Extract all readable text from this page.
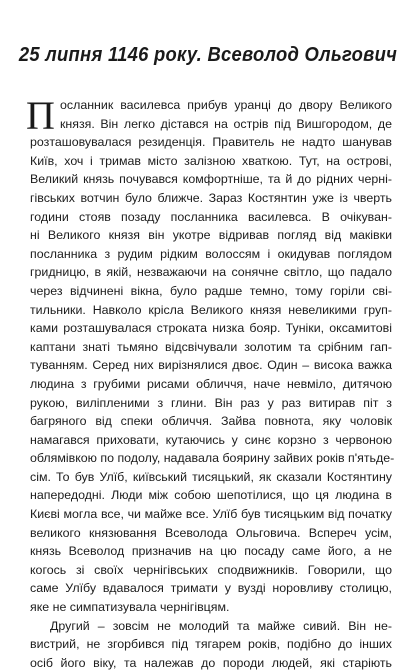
25 липня 1146 року. Всеволод Ольгович
П осланник василевса прибув уранці до двору Великого
князя. Він легко дістався на острів під Вишгородом, де
розташовувалася резиденція. Правитель не надто шанував
Київ, хоч і тримав місто залізною хваткою. Тут, на острові,
Великий князь почувався комфортніше, та й до рідних черні-
гівських вотчин було ближче. Зараз Костянтин уже із чверть
години стояв позаду посланника василевса. В очікуван-
ні Великого князя він укотре відривав погляд від маківки
посланника з рудим рідким волоссям і окидував поглядом
гридницю, в якій, незважаючи на сонячне світло, що падало
через відчинені вікна, було радше темно, тому горіли сві-
тильники. Навколо крісла Великого князя невеликими груп-
ками розташувалася строката низка бояр. Туніки, оксамитові
каптани знаті тьмяно відсвічували золотим та срібним гап-
туванням. Серед них вирізнялися двоє. Один – висока важка
людина з грубими рисами обличчя, наче невміло, дитячою
рукою, виліпленими з глини. Він раз у раз витирав піт з
багряного від спеки обличчя. Зайва повнота, яку чоловік
намагався приховати, кутаючись у синє корзно з червоною
облямівкою по подолу, надавала боярину зайвих років п'ятьде-
сім. То був Улїб, київський тисяцький, як сказали Костянтину
напередодні. Люди між собою шепотілися, що ця людина в
Києві могла все, чи майже все. Улїб був тисяцьким від початку
великого князювання Всеволода Ольговича. Вспереч усім,
князь Всеволод призначив на цю посаду саме його, а не
когось зі своїх чернігівських сподвижників. Говорили, що
саме Улїбу вдавалося тримати у вузді норовливу столицю,
яке не симпатизувала чернігівцям.
Другий – зовсім не молодий та майже сивий. Він не-
вистрий, не згорбився під тягарем років, подібно до інших
осіб його віку, та належав до породи людей, які старіють
